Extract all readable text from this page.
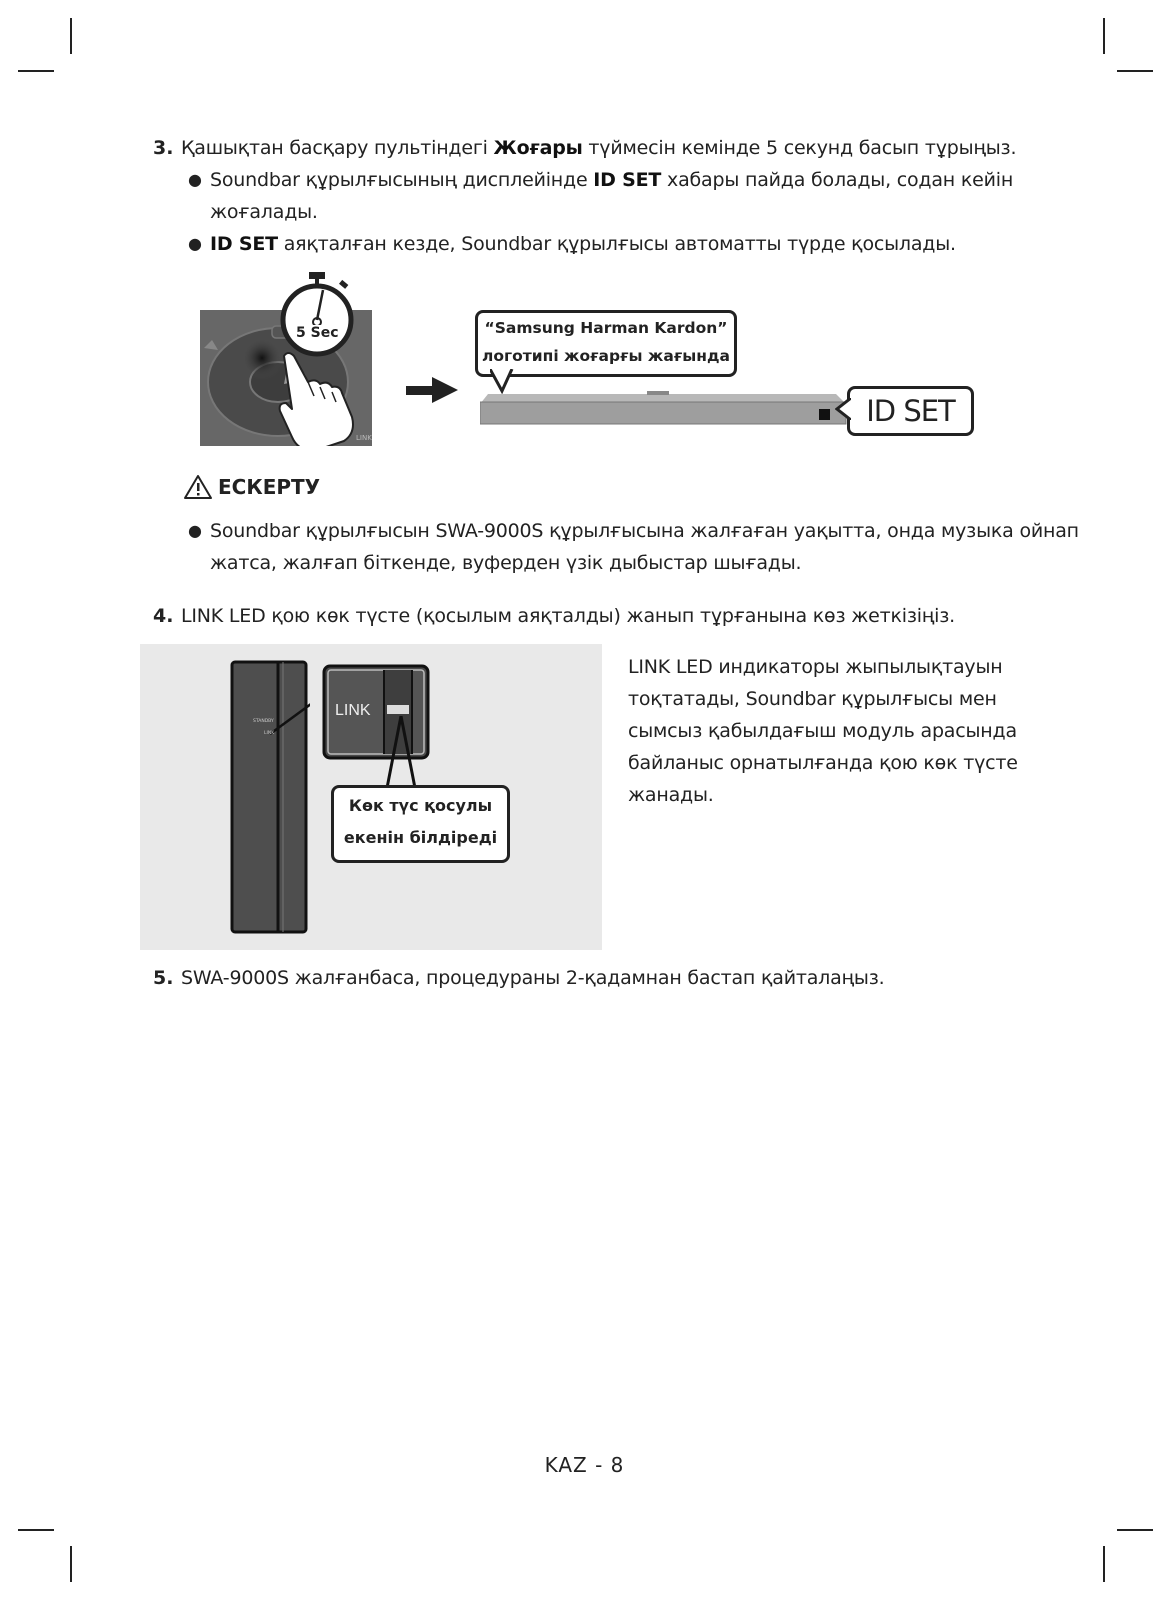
3. Қашықтан басқару пультіндегі Жоғары түймесін кемінде 5 секунд басып тұрыңыз.
● Soundbar құрылғысының дисплейінде ID SET хабары пайда болады, содан кейін
жоғалады.
● ID SET аяқталған кезде, Soundbar құрылғысы автоматты түрде қосылады.
LINK
5 Sec	“Samsung Harman Kardon”
логотипі жоғарғы жағында
ID SET
ЕСКЕРТУ
● Soundbar құрылғысын SWA-9000S құрылғысына жалғаған уақытта, онда музыка ойнап
жатса, жалғап біткенде, вуферден үзік дыбыстар шығады.
4. LINK LED қою көк түсте (қосылым аяқталды) жанып тұрғанына көз жеткізіңіз.
STANDBY
LINK
LINK
Көк түс қосулы
екенін білдіреді
LINK LED индикаторы жыпылықтауын
тоқтатады, Soundbar құрылғысы мен
сымсыз қабылдағыш модуль арасында
байланыс орнатылғанда қою көк түсте
жанады.
5. SWA-9000S жалғанбаса, процедураны 2-қадамнан бастап қайталаңыз.
KAZ - 8
